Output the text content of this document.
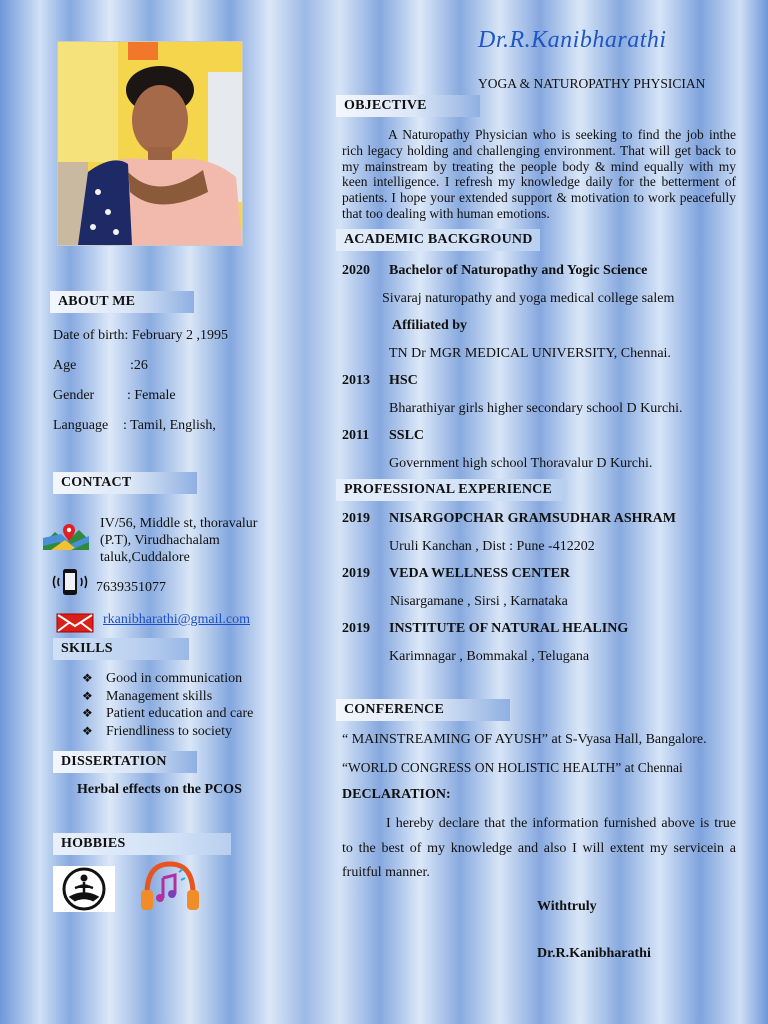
ABOUT ME
Date of birth: February 2 ,1995
Age	:26
Gender : Female
Language : Tamil, English,
CONTACT
IV/56, Middle st, thoravalur
(P.T), Virudhachalam
taluk,Cuddalore
7639351077
rkanibharathi@gmail.com
SKILLS
❖ Good in communication
❖ Management skills
❖ Patient education and care
❖ Friendliness to society
DISSERTATION
Herbal effects on the PCOS
HOBBIES
Dr.R.Kanibharathi
YOGA & NATUROPATHY PHYSICIAN
OBJECTIVE
A Naturopathy Physician who is seeking to find the job inthe rich legacy holding and challenging environment. That will get back to my mainstream by treating the people body & mind equally with my keen intelligence. I refresh my knowledge daily for the betterment of patients. I hope your extended support & motivation to work peacefully that too dealing with human emotions.
ACADEMIC BACKGROUND
2020 Bachelor of Naturopathy and Yogic Science
Sivaraj naturopathy and yoga medical college salem
Affiliated by
TN Dr MGR MEDICAL UNIVERSITY, Chennai.
2013 HSC
Bharathiyar girls higher secondary school D Kurchi.
2011 SSLC
Government high school Thoravalur D Kurchi.
PROFESSIONAL EXPERIENCE
2019 NISARGOPCHAR GRAMSUDHAR ASHRAM
Uruli Kanchan , Dist : Pune -412202
2019 VEDA WELLNESS CENTER
Nisargamane , Sirsi , Karnataka
2019 INSTITUTE OF NATURAL HEALING
Karimnagar , Bommakal , Telugana
CONFERENCE
“ MAINSTREAMING OF AYUSH” at S-Vyasa Hall, Bangalore.
“WORLD CONGRESS ON HOLISTIC HEALTH” at Chennai
DECLARATION:
I hereby declare that the information furnished above is true to the best of my knowledge and also I will extent my servicein a fruitful manner.
Withtruly
Dr.R.Kanibharathi
